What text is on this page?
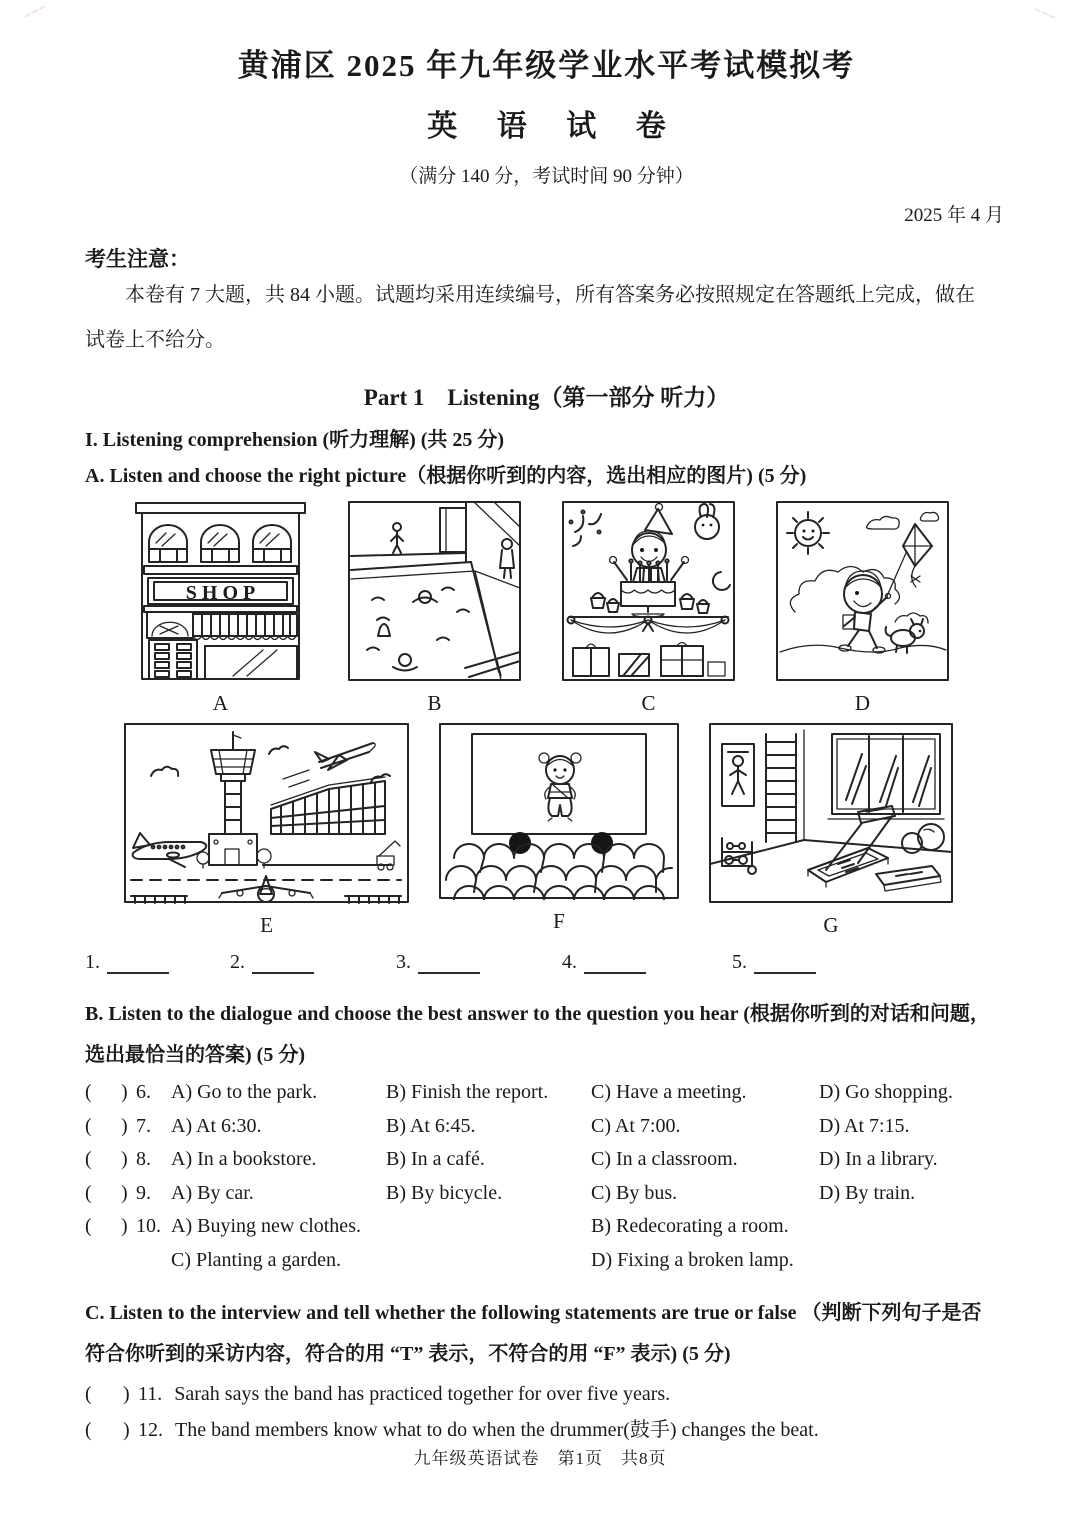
黄浦区 2025 年九年级学业水平考试模拟考
英 语 试 卷
（满分 140 分，考试时间 90 分钟）
2025 年 4 月
考生注意：
本卷有 7 大题，共 84 小题。试题均采用连续编号，所有答案务必按照规定在答题纸上完成，做在
试卷上不给分。
Part 1　Listening（第一部分 听力）
I. Listening comprehension (听力理解) (共 25 分)
A. Listen and choose the right picture（根据你听到的内容，选出相应的图片) (5 分)
SHOP
A	B	C	D
E	F	G
1.	2.	3.	4.	5.
B. Listen to the dialogue and choose the best answer to the question you hear (根据你听到的对话和问题，
选出最恰当的答案) (5 分)
(	) 6. A) Go to the park.	B) Finish the report.	C) Have a meeting.	D) Go shopping.
(	) 7. A) At 6:30.	B) At 6:45.	C) At 7:00.	D) At 7:15.
(	) 8. A) In a bookstore.	B) In a café.	C) In a classroom.	D) In a library.
(	) 9. A) By car.	B) By bicycle.	C) By bus.	D) By train.
(	) 10. A) Buying new clothes.	B) Redecorating a room.
C) Planting a garden.	D) Fixing a broken lamp.
C. Listen to the interview and tell whether the following statements are true or false （判断下列句子是否
符合你听到的采访内容，符合的用 “T” 表示，不符合的用 “F” 表示) (5 分)
(	) 11. Sarah says the band has practiced together for over five years.
(	) 12. The band members know what to do when the drummer(鼓手) changes the beat.
九年级英语试卷　第1页　共8页
